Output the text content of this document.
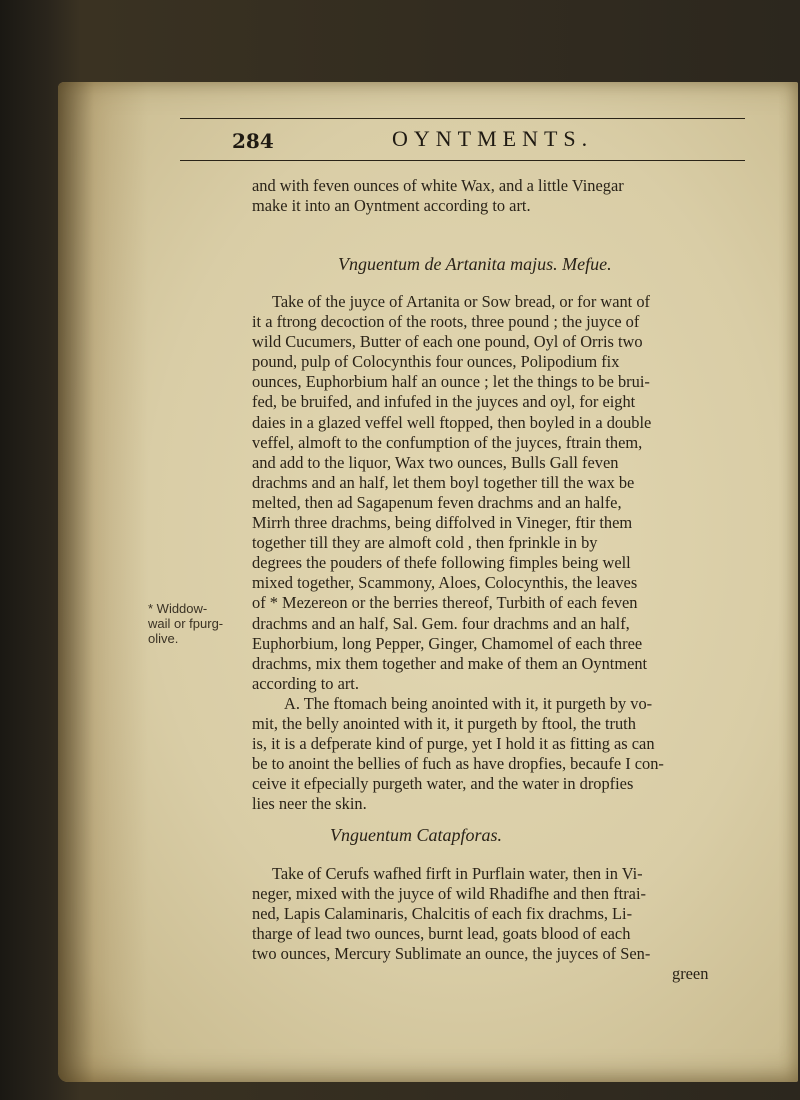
284	OYNTMENTS.
and with feven ounces of white Wax, and a little Vinegar
make it into an Oyntment according to art.
Vnguentum de Artanita majus. Mefue.
Take of the juyce of Artanita or Sow bread, or for want of
it a ftrong decoction of the roots, three pound ; the juyce of
wild Cucumers, Butter of each one pound, Oyl of Orris two
pound, pulp of Colocynthis four ounces, Polipodium fix
ounces, Euphorbium half an ounce ; let the things to be brui-
fed, be bruifed, and infufed in the juyces and oyl, for eight
daies in a glazed veffel well ftopped, then boyled in a double
veffel, almoft to the confumption of the juyces, ftrain them,
and add to the liquor, Wax two ounces, Bulls Gall feven
drachms and an half, let them boyl together till the wax be
melted, then ad Sagapenum feven drachms and an halfe,
Mirrh three drachms, being diffolved in Vineger, ftir them
together till they are almoft cold , then fprinkle in by
degrees the pouders of thefe following fimples being well
mixed together, Scammony, Aloes, Colocynthis, the leaves
of * Mezereon or the berries thereof, Turbith of each feven
drachms and an half, Sal. Gem. four drachms and an half,
Euphorbium, long Pepper, Ginger, Chamomel of each three
drachms, mix them together and make of them an Oyntment
according to art.
* Widdow-
wail or fpurg-
olive.
A. The ftomach being anointed with it, it purgeth by vo-
mit, the belly anointed with it, it purgeth by ftool, the truth
is, it is a defperate kind of purge, yet I hold it as fitting as can
be to anoint the bellies of fuch as have dropfies, becaufe I con-
ceive it efpecially purgeth water, and the water in dropfies
lies neer the skin.
Vnguentum Catapforas.
Take of Cerufs wafhed firft in Purflain water, then in Vi-
neger, mixed with the juyce of wild Rhadifhe and then ftrai-
ned, Lapis Calaminaris, Chalcitis of each fix drachms, Li-
tharge of lead two ounces, burnt lead, goats blood of each
two ounces, Mercury Sublimate an ounce, the juyces of Sen-
green
